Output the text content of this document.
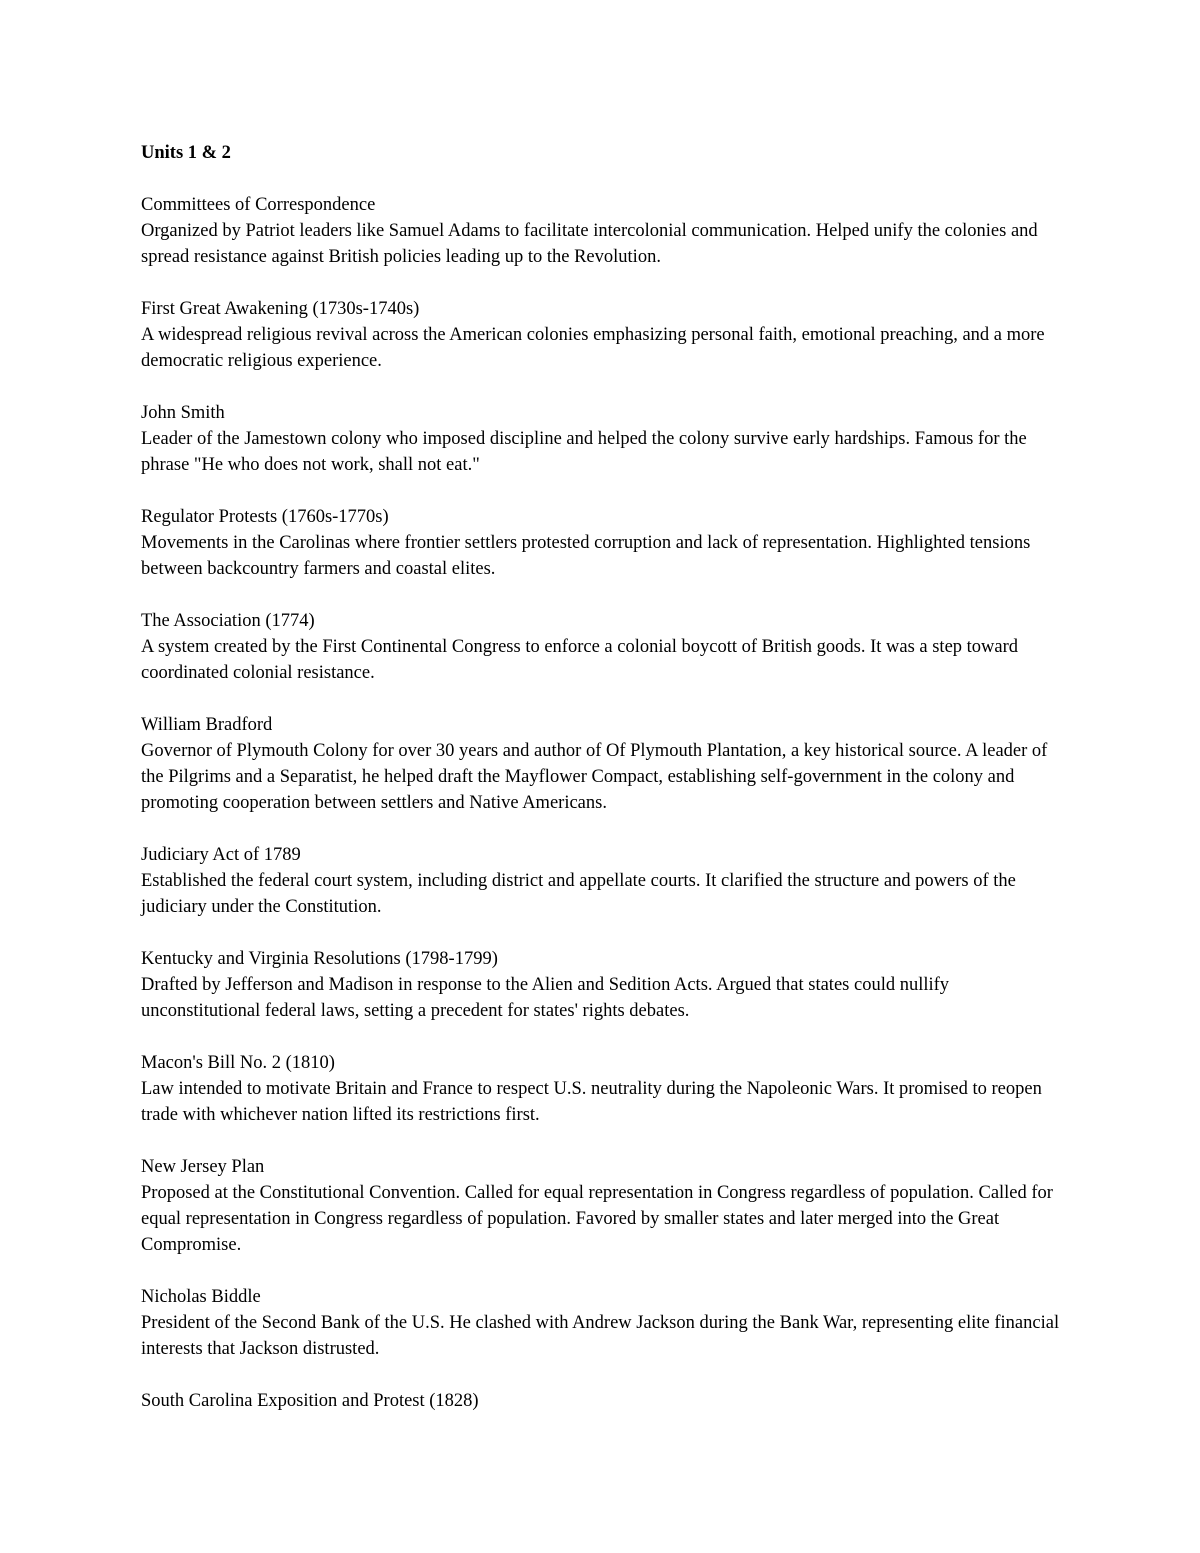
Units 1 & 2
Committees of Correspondence
Organized by Patriot leaders like Samuel Adams to facilitate intercolonial communication. Helped unify the colonies and spread resistance against British policies leading up to the Revolution.
First Great Awakening (1730s-1740s)
A widespread religious revival across the American colonies emphasizing personal faith, emotional preaching, and a more democratic religious experience.
John Smith
Leader of the Jamestown colony who imposed discipline and helped the colony survive early hardships. Famous for the phrase "He who does not work, shall not eat."
Regulator Protests (1760s-1770s)
Movements in the Carolinas where frontier settlers protested corruption and lack of representation. Highlighted tensions between backcountry farmers and coastal elites.
The Association (1774)
A system created by the First Continental Congress to enforce a colonial boycott of British goods. It was a step toward coordinated colonial resistance.
William Bradford
Governor of Plymouth Colony for over 30 years and author of Of Plymouth Plantation, a key historical source. A leader of the Pilgrims and a Separatist, he helped draft the Mayflower Compact, establishing self-government in the colony and promoting cooperation between settlers and Native Americans.
Judiciary Act of 1789
Established the federal court system, including district and appellate courts. It clarified the structure and powers of the judiciary under the Constitution.
Kentucky and Virginia Resolutions (1798-1799)
Drafted by Jefferson and Madison in response to the Alien and Sedition Acts. Argued that states could nullify unconstitutional federal laws, setting a precedent for states' rights debates.
Macon's Bill No. 2 (1810)
Law intended to motivate Britain and France to respect U.S. neutrality during the Napoleonic Wars. It promised to reopen trade with whichever nation lifted its restrictions first.
New Jersey Plan
Proposed at the Constitutional Convention. Called for equal representation in Congress regardless of population. Called for equal representation in Congress regardless of population. Favored by smaller states and later merged into the Great Compromise.
Nicholas Biddle
President of the Second Bank of the U.S. He clashed with Andrew Jackson during the Bank War, representing elite financial interests that Jackson distrusted.
South Carolina Exposition and Protest (1828)
